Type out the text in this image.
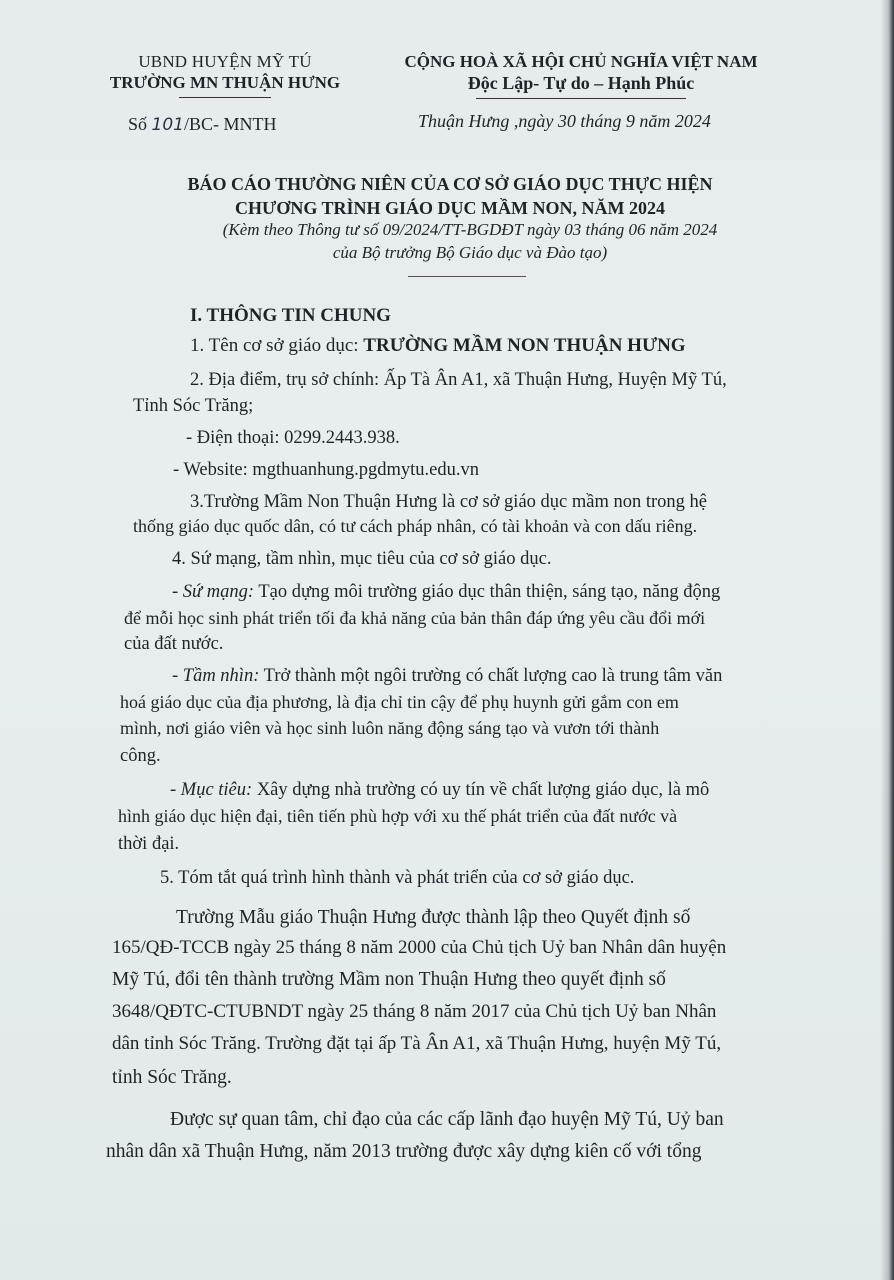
UBND HUYỆN MỸ TÚ
TRƯỜNG MN THUẬN HƯNG
CỘNG HOÀ XÃ HỘI CHỦ NGHĨA VIỆT NAM
Độc Lập- Tự do – Hạnh Phúc
Số 101/BC- MNTH	Thuận Hưng ,ngày 30 tháng 9 năm 2024
BÁO CÁO THƯỜNG NIÊN CỦA CƠ SỞ GIÁO DỤC THỰC HIỆN
CHƯƠNG TRÌNH GIÁO DỤC MẦM NON, NĂM 2024
(Kèm theo Thông tư số 09/2024/TT-BGDĐT ngày 03 tháng 06 năm 2024
của Bộ trưởng Bộ Giáo dục và Đào tạo)
I. THÔNG TIN CHUNG
1. Tên cơ sở giáo dục: TRƯỜNG MẦM NON THUẬN HƯNG
2. Địa điểm, trụ sở chính: Ấp Tà Ân A1, xã Thuận Hưng, Huyện Mỹ Tú,
Tỉnh Sóc Trăng;
- Điện thoại: 0299.2443.938.
- Website: mgthuanhung.pgdmytu.edu.vn
3.Trường Mầm Non Thuận Hưng là cơ sở giáo dục mầm non trong hệ
thống giáo dục quốc dân, có tư cách pháp nhân, có tài khoản và con dấu riêng.
4. Sứ mạng, tầm nhìn, mục tiêu của cơ sở giáo dục.
- Sứ mạng: Tạo dựng môi trường giáo dục thân thiện, sáng tạo, năng động
để mỗi học sinh phát triển tối đa khả năng của bản thân đáp ứng yêu cầu đổi mới
của đất nước.
- Tầm nhìn: Trở thành một ngôi trường có chất lượng cao là trung tâm văn
hoá giáo dục của địa phương, là địa chỉ tin cậy để phụ huynh gửi gắm con em
mình, nơi giáo viên và học sinh luôn năng động sáng tạo và vươn tới thành
công.
- Mục tiêu: Xây dựng nhà trường có uy tín về chất lượng giáo dục, là mô
hình giáo dục hiện đại, tiên tiến phù hợp với xu thế phát triển của đất nước và
thời đại.
5. Tóm tắt quá trình hình thành và phát triển của cơ sở giáo dục.
Trường Mẫu giáo Thuận Hưng được thành lập theo Quyết định số
165/QĐ-TCCB ngày 25 tháng 8 năm 2000 của Chủ tịch Uỷ ban Nhân dân huyện
Mỹ Tú, đổi tên thành trường Mầm non Thuận Hưng theo quyết định số
3648/QĐTC-CTUBNDT ngày 25 tháng 8 năm 2017 của Chủ tịch Uỷ ban Nhân
dân tỉnh Sóc Trăng. Trường đặt tại ấp Tà Ân A1, xã Thuận Hưng, huyện Mỹ Tú,
tỉnh Sóc Trăng.
Được sự quan tâm, chỉ đạo của các cấp lãnh đạo huyện Mỹ Tú, Uỷ ban
nhân dân xã Thuận Hưng, năm 2013 trường được xây dựng kiên cố với tổng
